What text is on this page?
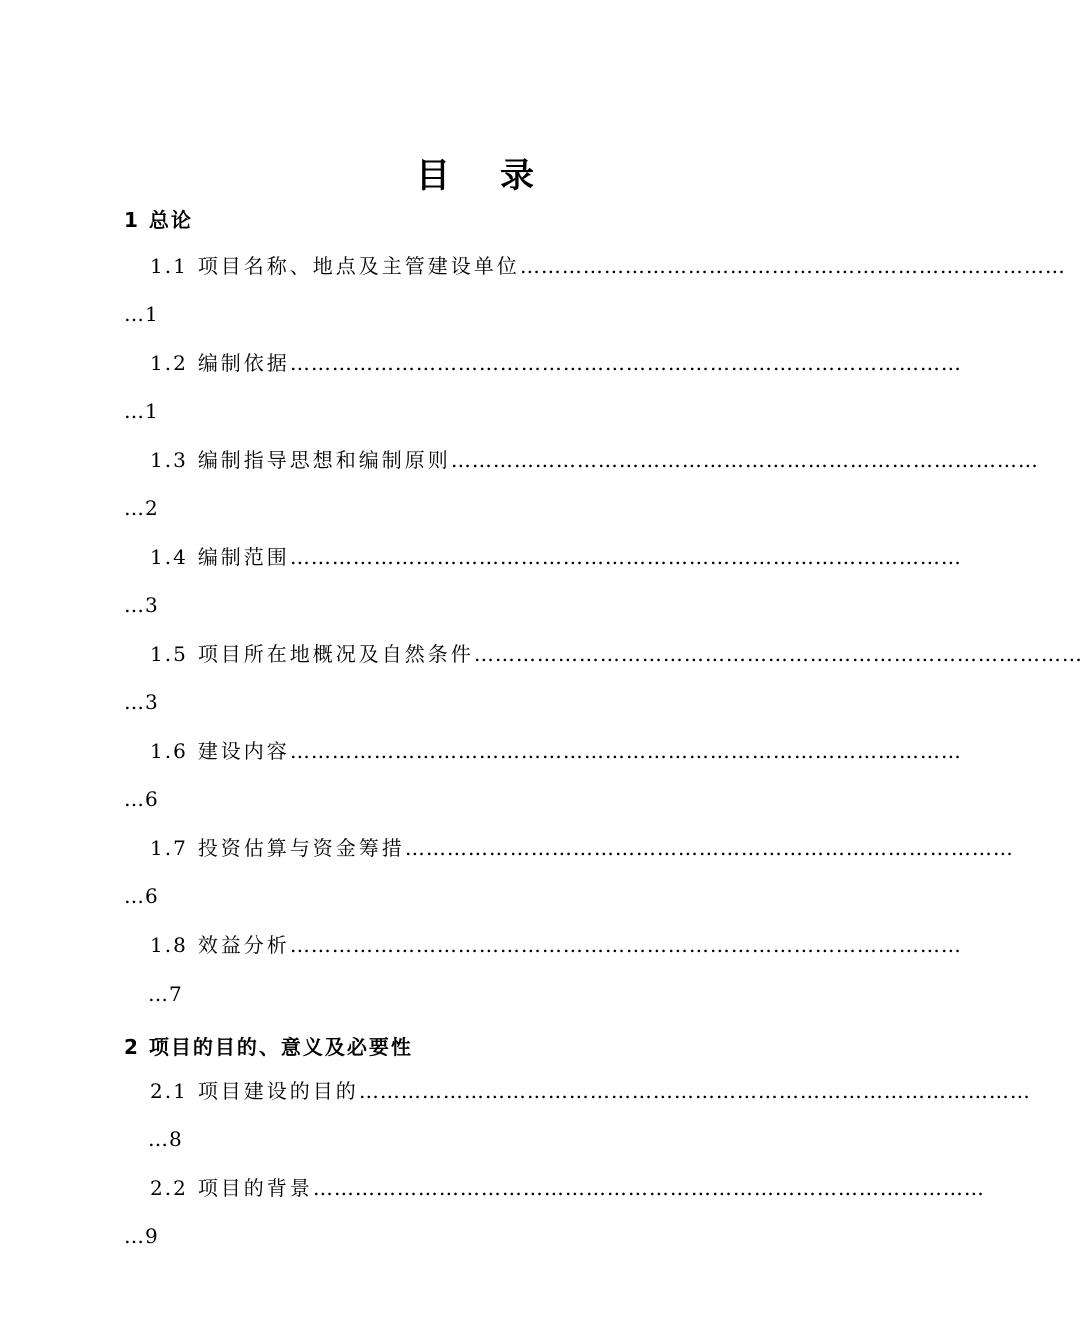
目录
1 总论
1.1 项目名称、地点及主管建设单位……………………………………………………………………
…1
1.2 编制依据……………………………………………………………………………………
…1
1.3 编制指导思想和编制原则…………………………………………………………………………
…2
1.4 编制范围……………………………………………………………………………………
…3
1.5 项目所在地概况及自然条件……………………………………………………………………………
…3
1.6 建设内容……………………………………………………………………………………
…6
1.7 投资估算与资金筹措……………………………………………………………………………
…6
1.8 效益分析……………………………………………………………………………………
…7
2 项目的目的、意义及必要性
2.1 项目建设的目的……………………………………………………………………………………
…8
2.2 项目的背景……………………………………………………………………………………
…9
